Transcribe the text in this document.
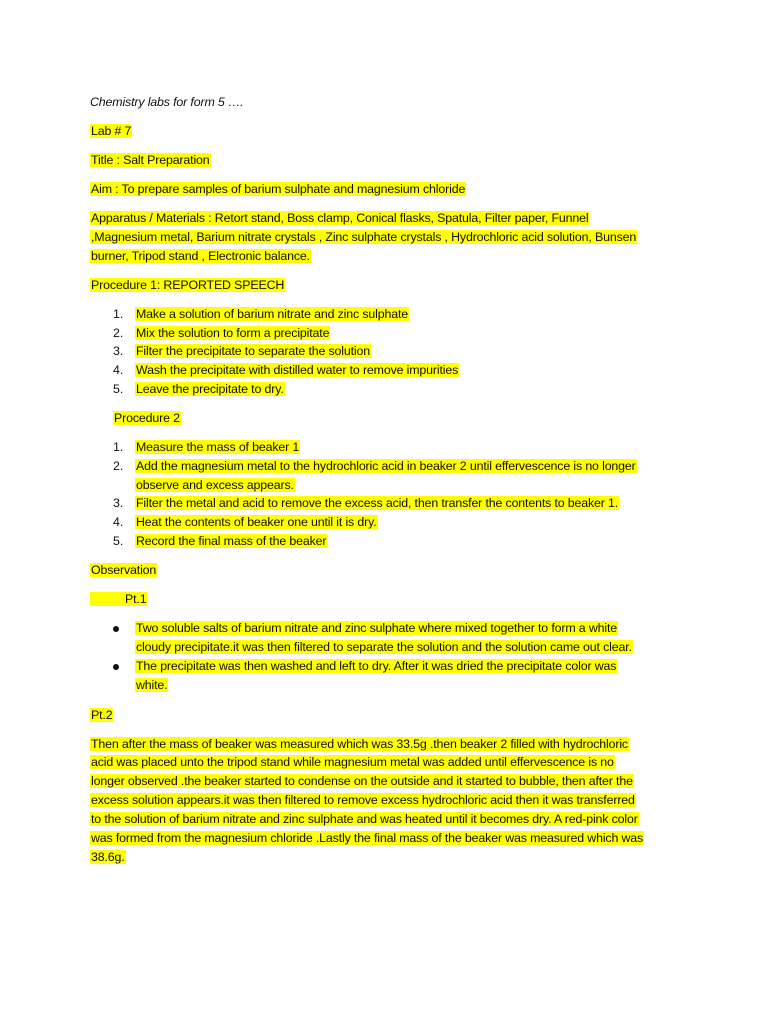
Chemistry labs for form 5 ….
Lab # 7
Title : Salt Preparation
Aim : To prepare samples of barium sulphate and magnesium chloride
Apparatus / Materials : Retort stand, Boss clamp, Conical flasks, Spatula, Filter paper, Funnel
,Magnesium metal, Barium nitrate crystals , Zinc sulphate crystals , Hydrochloric acid solution, Bunsen
burner, Tripod stand , Electronic balance.
Procedure 1: REPORTED SPEECH
1. Make a solution of barium nitrate and zinc sulphate
2. Mix the solution to form a precipitate
3. Filter the precipitate to separate the solution
4. Wash the precipitate with distilled water to remove impurities
5. Leave the precipitate to dry.
Procedure 2
1. Measure the mass of beaker 1
2. Add the magnesium metal to the hydrochloric acid in beaker 2 until effervescence is no longer
observe and excess appears.
3. Filter the metal and acid to remove the excess acid, then transfer the contents to beaker 1.
4. Heat the contents of beaker one until it is dry.
5. Record the final mass of the beaker
Observation
Pt.1
Two soluble salts of barium nitrate and zinc sulphate where mixed together to form a white
cloudy precipitate.it was then filtered to separate the solution and the solution came out clear.
The precipitate was then washed and left to dry. After it was dried the precipitate color was
white.
Pt.2
Then after the mass of beaker was measured which was 33.5g .then beaker 2 filled with hydrochloric
acid was placed unto the tripod stand while magnesium metal was added until effervescence is no
longer observed .the beaker started to condense on the outside and it started to bubble, then after the
excess solution appears.it was then filtered to remove excess hydrochloric acid then it was transferred
to the solution of barium nitrate and zinc sulphate and was heated until it becomes dry. A red-pink color
was formed from the magnesium chloride .Lastly the final mass of the beaker was measured which was
38.6g.
